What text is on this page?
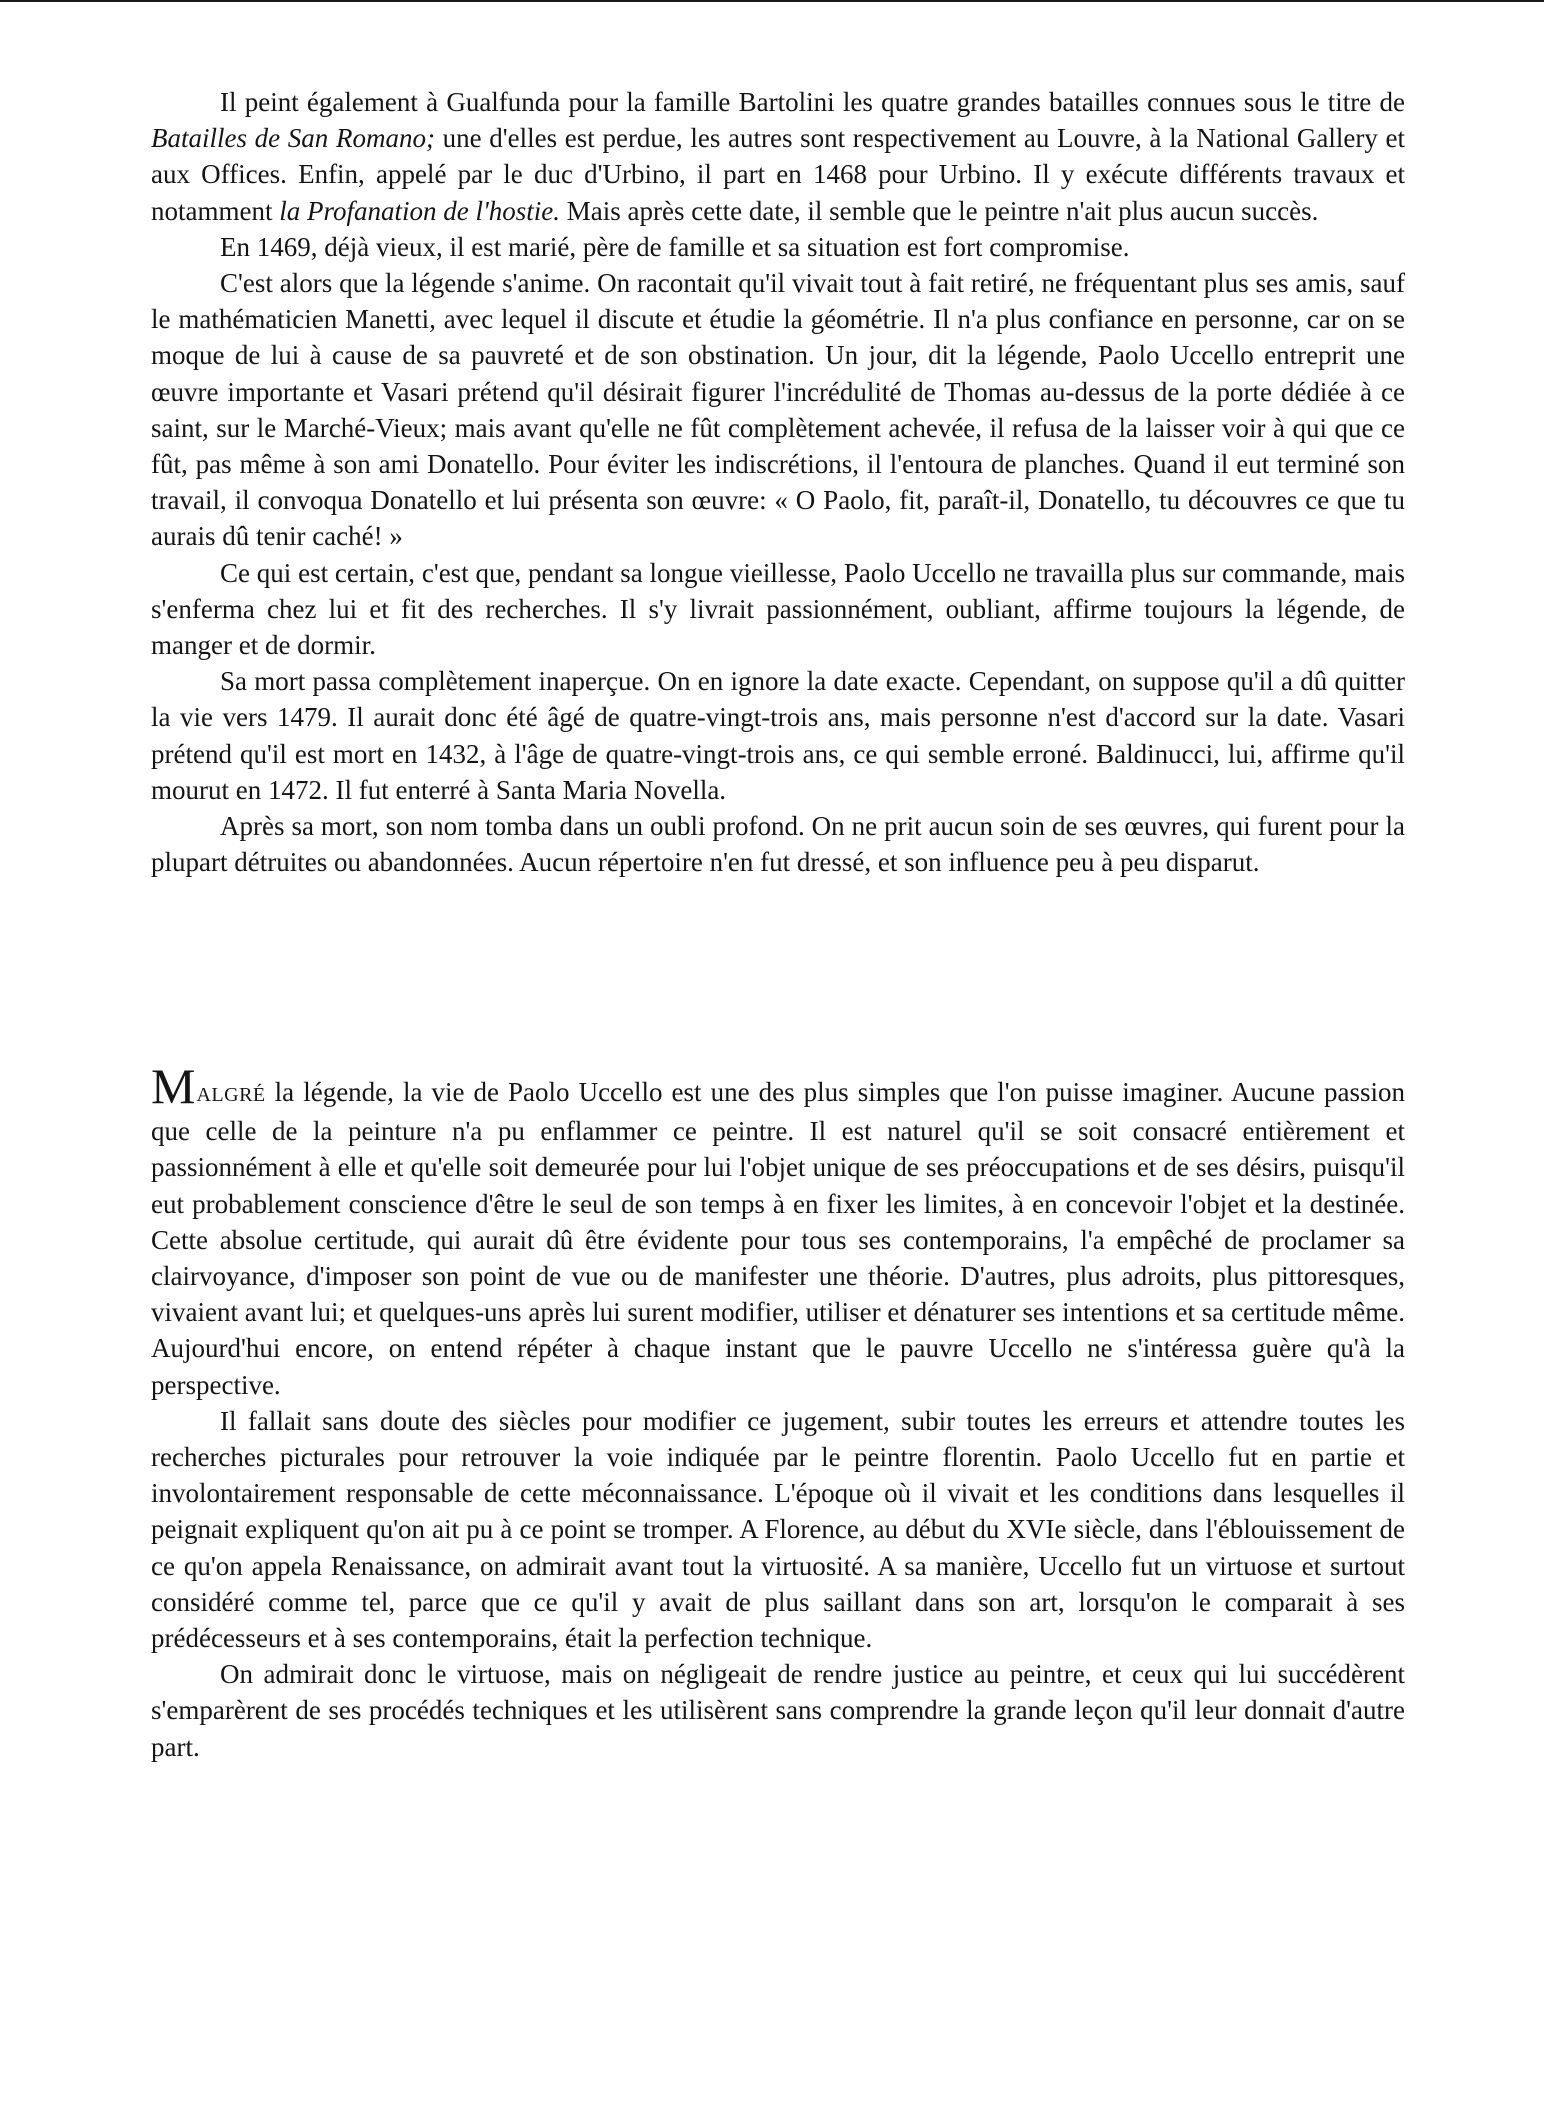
Il peint également à Gualfunda pour la famille Bartolini les quatre grandes batailles connues sous le titre de Batailles de San Romano; une d'elles est perdue, les autres sont respectivement au Louvre, à la National Gallery et aux Offices. Enfin, appelé par le duc d'Urbino, il part en 1468 pour Urbino. Il y exécute différents travaux et notamment la Profanation de l'hostie. Mais après cette date, il semble que le peintre n'ait plus aucun succès.

En 1469, déjà vieux, il est marié, père de famille et sa situation est fort compromise.

C'est alors que la légende s'anime. On racontait qu'il vivait tout à fait retiré, ne fréquentant plus ses amis, sauf le mathématicien Manetti, avec lequel il discute et étudie la géométrie. Il n'a plus confiance en personne, car on se moque de lui à cause de sa pauvreté et de son obstination. Un jour, dit la légende, Paolo Uccello entreprit une œuvre importante et Vasari prétend qu'il désirait figurer l'incrédulité de Thomas au-dessus de la porte dédiée à ce saint, sur le Marché-Vieux; mais avant qu'elle ne fût complètement achevée, il refusa de la laisser voir à qui que ce fût, pas même à son ami Donatello. Pour éviter les indiscrétions, il l'entoura de planches. Quand il eut terminé son travail, il convoqua Donatello et lui présenta son œuvre: « O Paolo, fit, paraît-il, Donatello, tu découvres ce que tu aurais dû tenir caché! »

Ce qui est certain, c'est que, pendant sa longue vieillesse, Paolo Uccello ne travailla plus sur commande, mais s'enferma chez lui et fit des recherches. Il s'y livrait passionnément, oubliant, affirme toujours la légende, de manger et de dormir.

Sa mort passa complètement inaperçue. On en ignore la date exacte. Cependant, on suppose qu'il a dû quitter la vie vers 1479. Il aurait donc été âgé de quatre-vingt-trois ans, mais personne n'est d'accord sur la date. Vasari prétend qu'il est mort en 1432, à l'âge de quatre-vingt-trois ans, ce qui semble erroné. Baldinucci, lui, affirme qu'il mourut en 1472. Il fut enterré à Santa Maria Novella.

Après sa mort, son nom tomba dans un oubli profond. On ne prit aucun soin de ses œuvres, qui furent pour la plupart détruites ou abandonnées. Aucun répertoire n'en fut dressé, et son influence peu à peu disparut.

MALGRÉ la légende, la vie de Paolo Uccello est une des plus simples que l'on puisse imaginer. Aucune passion que celle de la peinture n'a pu enflammer ce peintre. Il est naturel qu'il se soit consacré entièrement et passionnément à elle et qu'elle soit demeurée pour lui l'objet unique de ses préoccupations et de ses désirs, puisqu'il eut probablement conscience d'être le seul de son temps à en fixer les limites, à en concevoir l'objet et la destinée. Cette absolue certitude, qui aurait dû être évidente pour tous ses contemporains, l'a empêché de proclamer sa clairvoyance, d'imposer son point de vue ou de manifester une théorie. D'autres, plus adroits, plus pittoresques, vivaient avant lui; et quelques-uns après lui surent modifier, utiliser et dénaturer ses intentions et sa certitude même. Aujourd'hui encore, on entend répéter à chaque instant que le pauvre Uccello ne s'intéressa guère qu'à la perspective.

Il fallait sans doute des siècles pour modifier ce jugement, subir toutes les erreurs et attendre toutes les recherches picturales pour retrouver la voie indiquée par le peintre florentin. Paolo Uccello fut en partie et involontairement responsable de cette méconnaissance. L'époque où il vivait et les conditions dans lesquelles il peignait expliquent qu'on ait pu à ce point se tromper. A Florence, au début du XVIe siècle, dans l'éblouissement de ce qu'on appela Renaissance, on admirait avant tout la virtuosité. A sa manière, Uccello fut un virtuose et surtout considéré comme tel, parce que ce qu'il y avait de plus saillant dans son art, lorsqu'on le comparait à ses prédécesseurs et à ses contemporains, était la perfection technique.

On admirait donc le virtuose, mais on négligeait de rendre justice au peintre, et ceux qui lui succédèrent s'emparèrent de ses procédés techniques et les utilisèrent sans comprendre la grande leçon qu'il leur donnait d'autre part.
